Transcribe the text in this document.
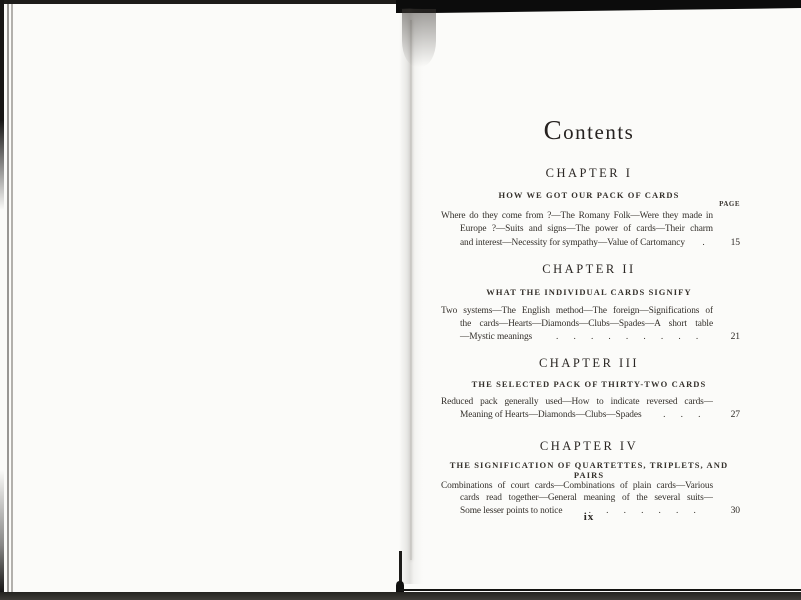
Contents
CHAPTER I
HOW WE GOT OUR PACK OF CARDS
PAGE
Where do they come from ?—The Romany Folk—Were they made in
Europe ?—Suits and signs—The power of cards—Their charm
and interest—Necessity for sympathy—Value of Cartomancy	.	15
CHAPTER II
WHAT THE INDIVIDUAL CARDS SIGNIFY
Two systems—The English method—The foreign—Significations of
the cards—Hearts—Diamonds—Clubs—Spades—A short table
—Mystic meanings	. . . . . . . . .	21
CHAPTER III
THE SELECTED PACK OF THIRTY-TWO CARDS
Reduced pack generally used—How to indicate reversed cards—
Meaning of Hearts—Diamonds—Clubs—Spades	. . .	27
CHAPTER IV
THE SIGNIFICATION OF QUARTETTES, TRIPLETS, AND PAIRS
Combinations of court cards—Combinations of plain cards—Various
cards read together—General meaning of the several suits—
Some lesser points to notice	. . . . . . .	30
ix
